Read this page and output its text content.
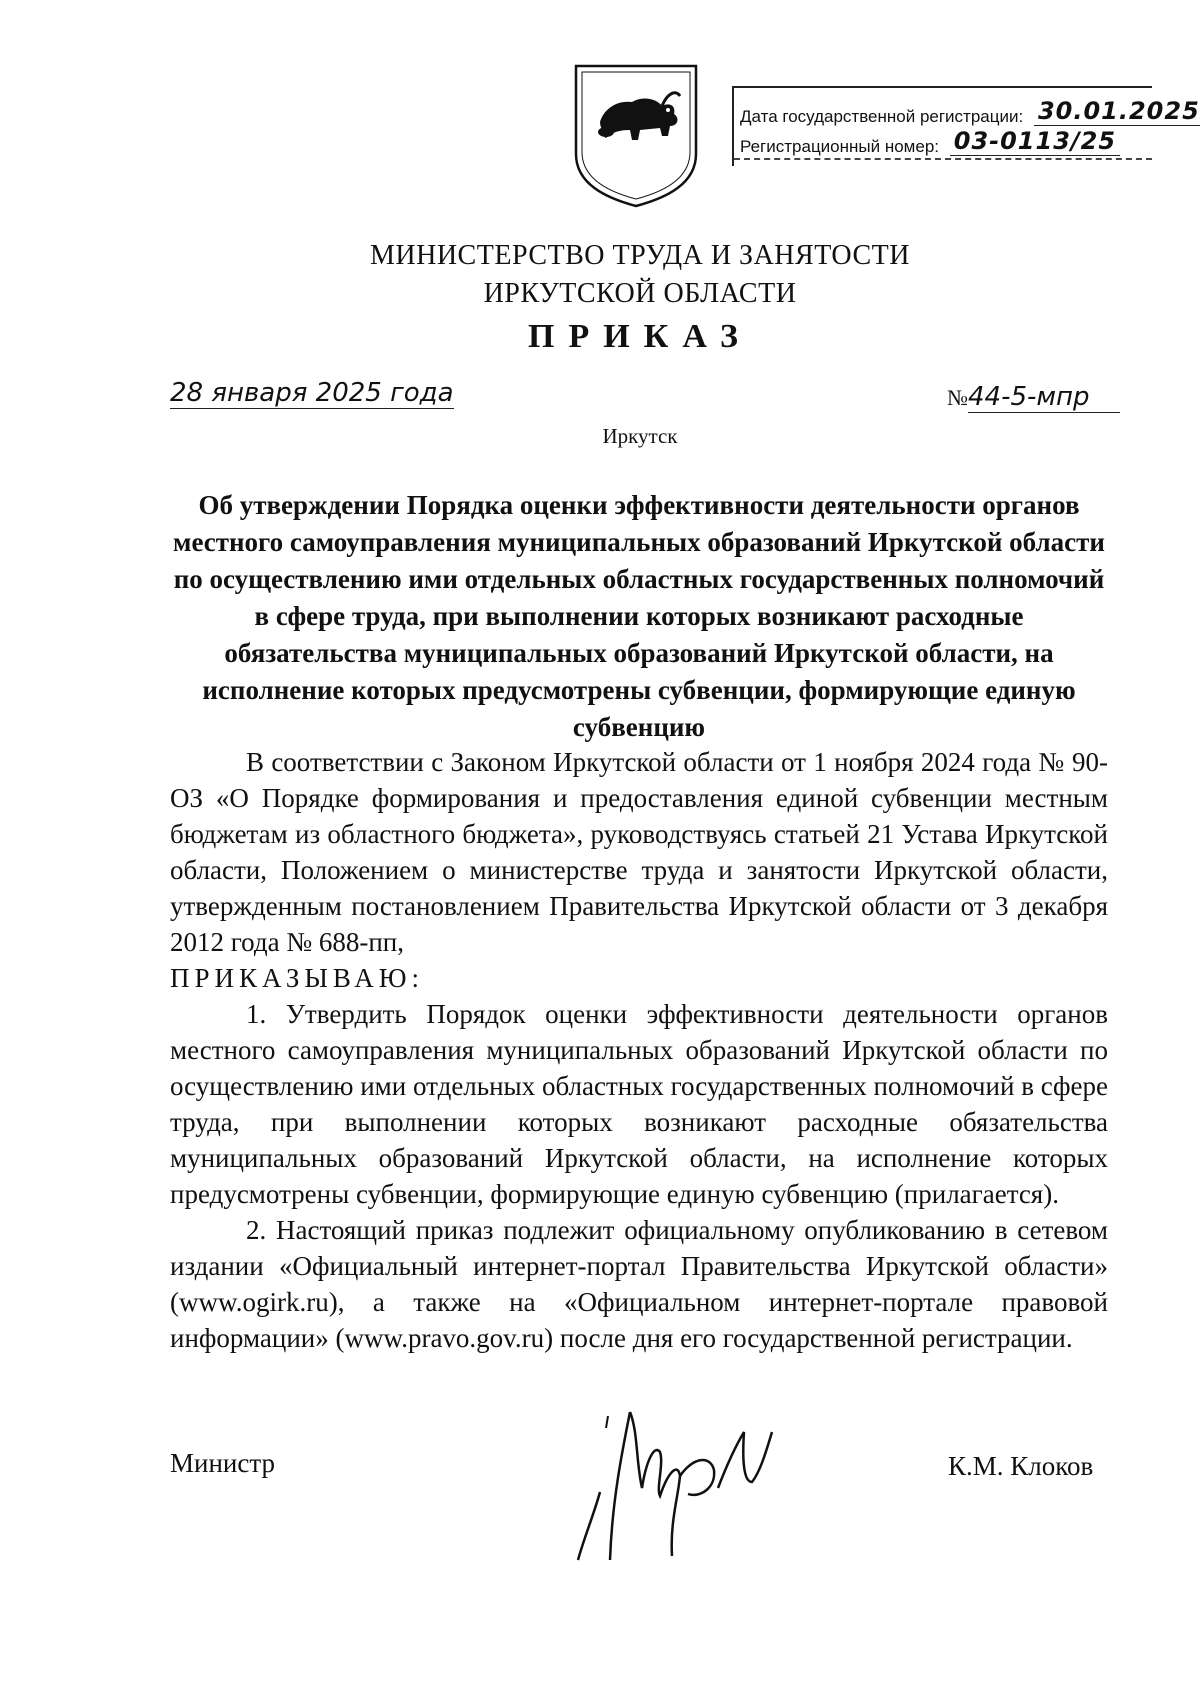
Дата государственной регистрации: 30.01.2025
Регистрационный номер: 03-0113/25
МИНИСТЕРСТВО ТРУДА И ЗАНЯТОСТИ
ИРКУТСКОЙ ОБЛАСТИ
ПРИКАЗ
28 января 2025 года	№44-5-мпр
Иркутск
Об утверждении Порядка оценки эффективности деятельности органов местного самоуправления муниципальных образований Иркутской области по осуществлению ими отдельных областных государственных полномочий в сфере труда, при выполнении которых возникают расходные обязательства муниципальных образований Иркутской области, на исполнение которых предусмотрены субвенции, формирующие единую субвенцию

В соответствии с Законом Иркутской области от 1 ноября 2024 года № 90-ОЗ «О Порядке формирования и предоставления единой субвенции местным бюджетам из областного бюджета», руководствуясь статьей 21 Устава Иркутской области, Положением о министерстве труда и занятости Иркутской области, утвержденным постановлением Правительства Иркутской области от 3 декабря 2012 года № 688-пп,

ПРИКАЗЫВАЮ:

1. Утвердить Порядок оценки эффективности деятельности органов местного самоуправления муниципальных образований Иркутской области по осуществлению ими отдельных областных государственных полномочий в сфере труда, при выполнении которых возникают расходные обязательства муниципальных образований Иркутской области, на исполнение которых предусмотрены субвенции, формирующие единую субвенцию (прилагается).

2. Настоящий приказ подлежит официальному опубликованию в сетевом издании «Официальный интернет-портал Правительства Иркутской области» (www.ogirk.ru), а также на «Официальном интернет-портале правовой информации» (www.pravo.gov.ru) после дня его государственной регистрации.

Министр	К.М. Клоков
